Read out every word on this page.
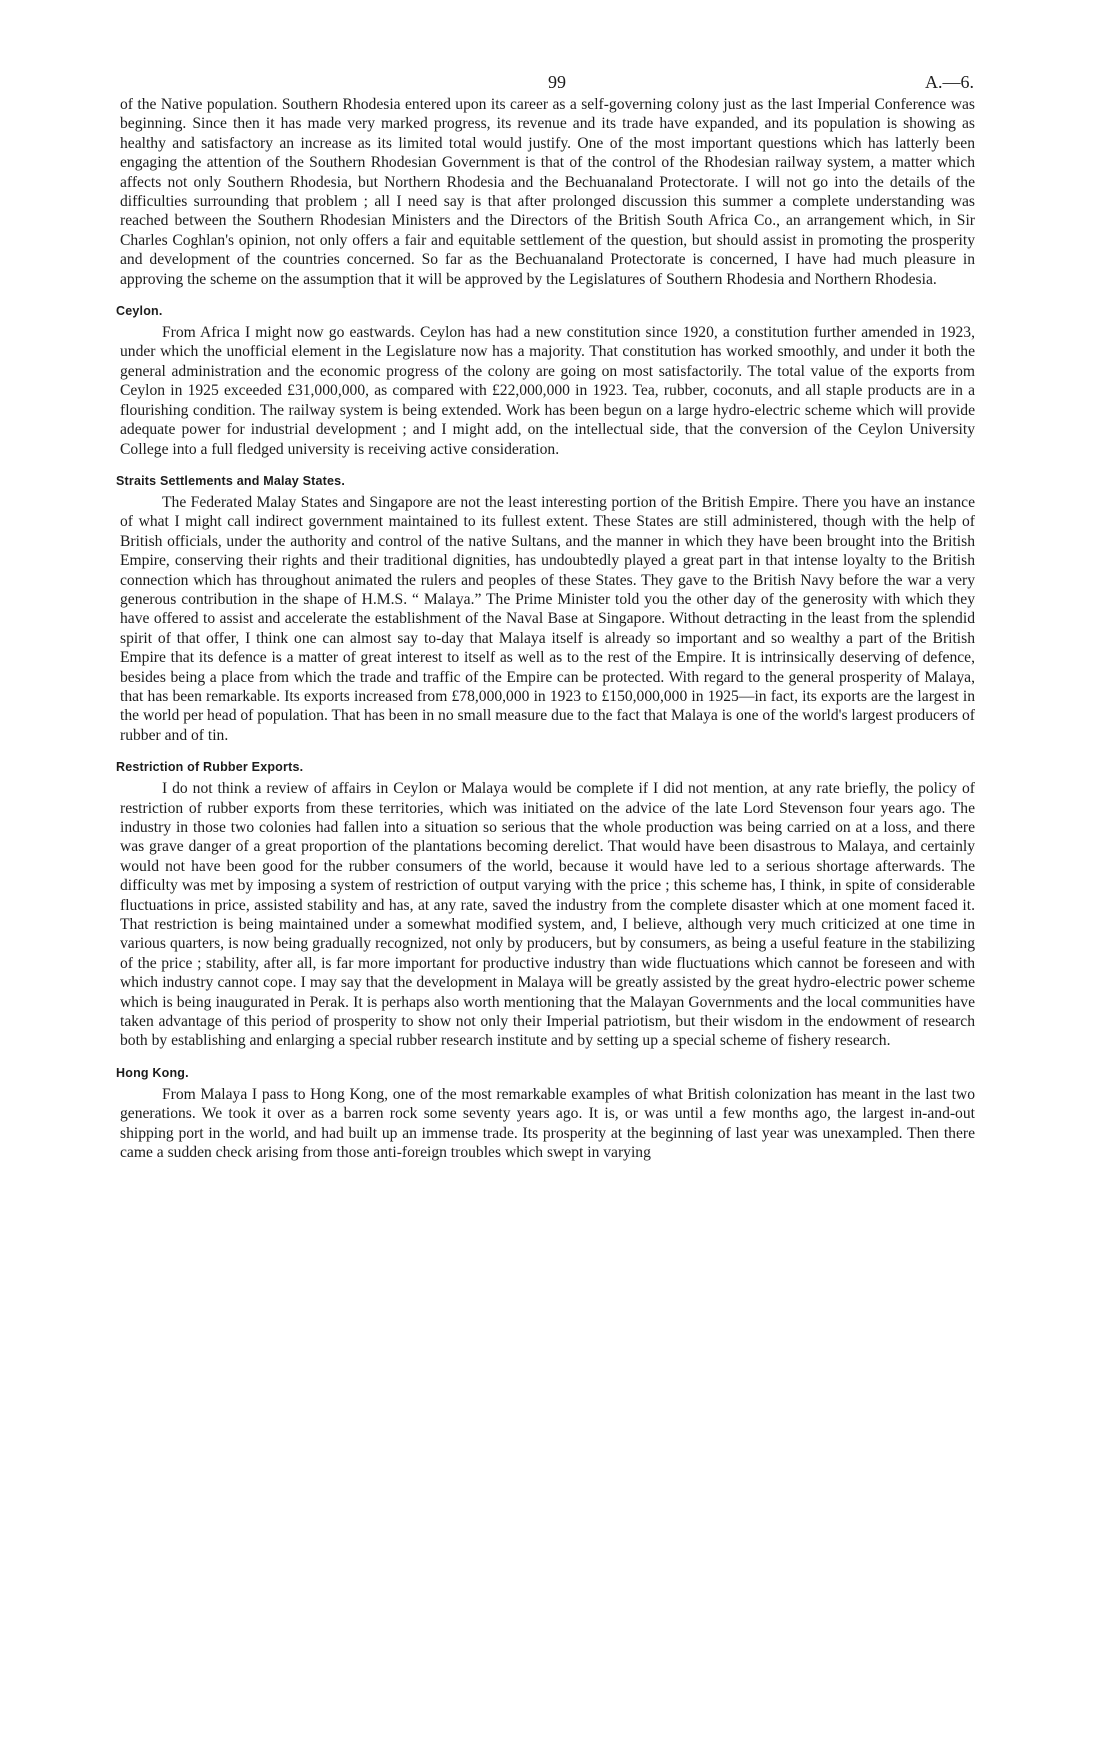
99	A.—6.

of the Native population. Southern Rhodesia entered upon its career as a self-governing colony just as the last Imperial Conference was beginning. Since then it has made very marked progress, its revenue and its trade have expanded, and its population is showing as healthy and satisfactory an increase as its limited total would justify. One of the most important questions which has latterly been engaging the attention of the Southern Rhodesian Government is that of the control of the Rhodesian railway system, a matter which affects not only Southern Rhodesia, but Northern Rhodesia and the Bechuanaland Protectorate. I will not go into the details of the difficulties surrounding that problem ; all I need say is that after prolonged discussion this summer a complete understanding was reached between the Southern Rhodesian Ministers and the Directors of the British South Africa Co., an arrangement which, in Sir Charles Coghlan's opinion, not only offers a fair and equitable settlement of the question, but should assist in promoting the prosperity and development of the countries concerned. So far as the Bechuanaland Protectorate is concerned, I have had much pleasure in approving the scheme on the assumption that it will be approved by the Legislatures of Southern Rhodesia and Northern Rhodesia.

Ceylon.

From Africa I might now go eastwards. Ceylon has had a new constitution since 1920, a constitution further amended in 1923, under which the unofficial element in the Legislature now has a majority. That constitution has worked smoothly, and under it both the general administration and the economic progress of the colony are going on most satisfactorily. The total value of the exports from Ceylon in 1925 exceeded £31,000,000, as compared with £22,000,000 in 1923. Tea, rubber, coconuts, and all staple products are in a flourishing condition. The railway system is being extended. Work has been begun on a large hydro-electric scheme which will provide adequate power for industrial development ; and I might add, on the intellectual side, that the conversion of the Ceylon University College into a full fledged university is receiving active consideration.

Straits Settlements and Malay States.

The Federated Malay States and Singapore are not the least interesting portion of the British Empire. There you have an instance of what I might call indirect government maintained to its fullest extent. These States are still administered, though with the help of British officials, under the authority and control of the native Sultans, and the manner in which they have been brought into the British Empire, conserving their rights and their traditional dignities, has undoubtedly played a great part in that intense loyalty to the British connection which has throughout animated the rulers and peoples of these States. They gave to the British Navy before the war a very generous contribution in the shape of H.M.S. “ Malaya.” The Prime Minister told you the other day of the generosity with which they have offered to assist and accelerate the establishment of the Naval Base at Singapore. Without detracting in the least from the splendid spirit of that offer, I think one can almost say to-day that Malaya itself is already so important and so wealthy a part of the British Empire that its defence is a matter of great interest to itself as well as to the rest of the Empire. It is intrinsically deserving of defence, besides being a place from which the trade and traffic of the Empire can be protected. With regard to the general prosperity of Malaya, that has been remarkable. Its exports increased from £78,000,000 in 1923 to £150,000,000 in 1925—in fact, its exports are the largest in the world per head of population. That has been in no small measure due to the fact that Malaya is one of the world's largest producers of rubber and of tin.

Restriction of Rubber Exports.

I do not think a review of affairs in Ceylon or Malaya would be complete if I did not mention, at any rate briefly, the policy of restriction of rubber exports from these territories, which was initiated on the advice of the late Lord Stevenson four years ago. The industry in those two colonies had fallen into a situation so serious that the whole production was being carried on at a loss, and there was grave danger of a great proportion of the plantations becoming derelict. That would have been disastrous to Malaya, and certainly would not have been good for the rubber consumers of the world, because it would have led to a serious shortage afterwards. The difficulty was met by imposing a system of restriction of output varying with the price ; this scheme has, I think, in spite of considerable fluctuations in price, assisted stability and has, at any rate, saved the industry from the complete disaster which at one moment faced it. That restriction is being maintained under a somewhat modified system, and, I believe, although very much criticized at one time in various quarters, is now being gradually recognized, not only by producers, but by consumers, as being a useful feature in the stabilizing of the price ; stability, after all, is far more important for productive industry than wide fluctuations which cannot be foreseen and with which industry cannot cope. I may say that the development in Malaya will be greatly assisted by the great hydro-electric power scheme which is being inaugurated in Perak. It is perhaps also worth mentioning that the Malayan Governments and the local communities have taken advantage of this period of prosperity to show not only their Imperial patriotism, but their wisdom in the endowment of research both by establishing and enlarging a special rubber research institute and by setting up a special scheme of fishery research.

Hong Kong.

From Malaya I pass to Hong Kong, one of the most remarkable examples of what British colonization has meant in the last two generations. We took it over as a barren rock some seventy years ago. It is, or was until a few months ago, the largest in-and-out shipping port in the world, and had built up an immense trade. Its prosperity at the beginning of last year was unexampled. Then there came a sudden check arising from those anti-foreign troubles which swept in varying
